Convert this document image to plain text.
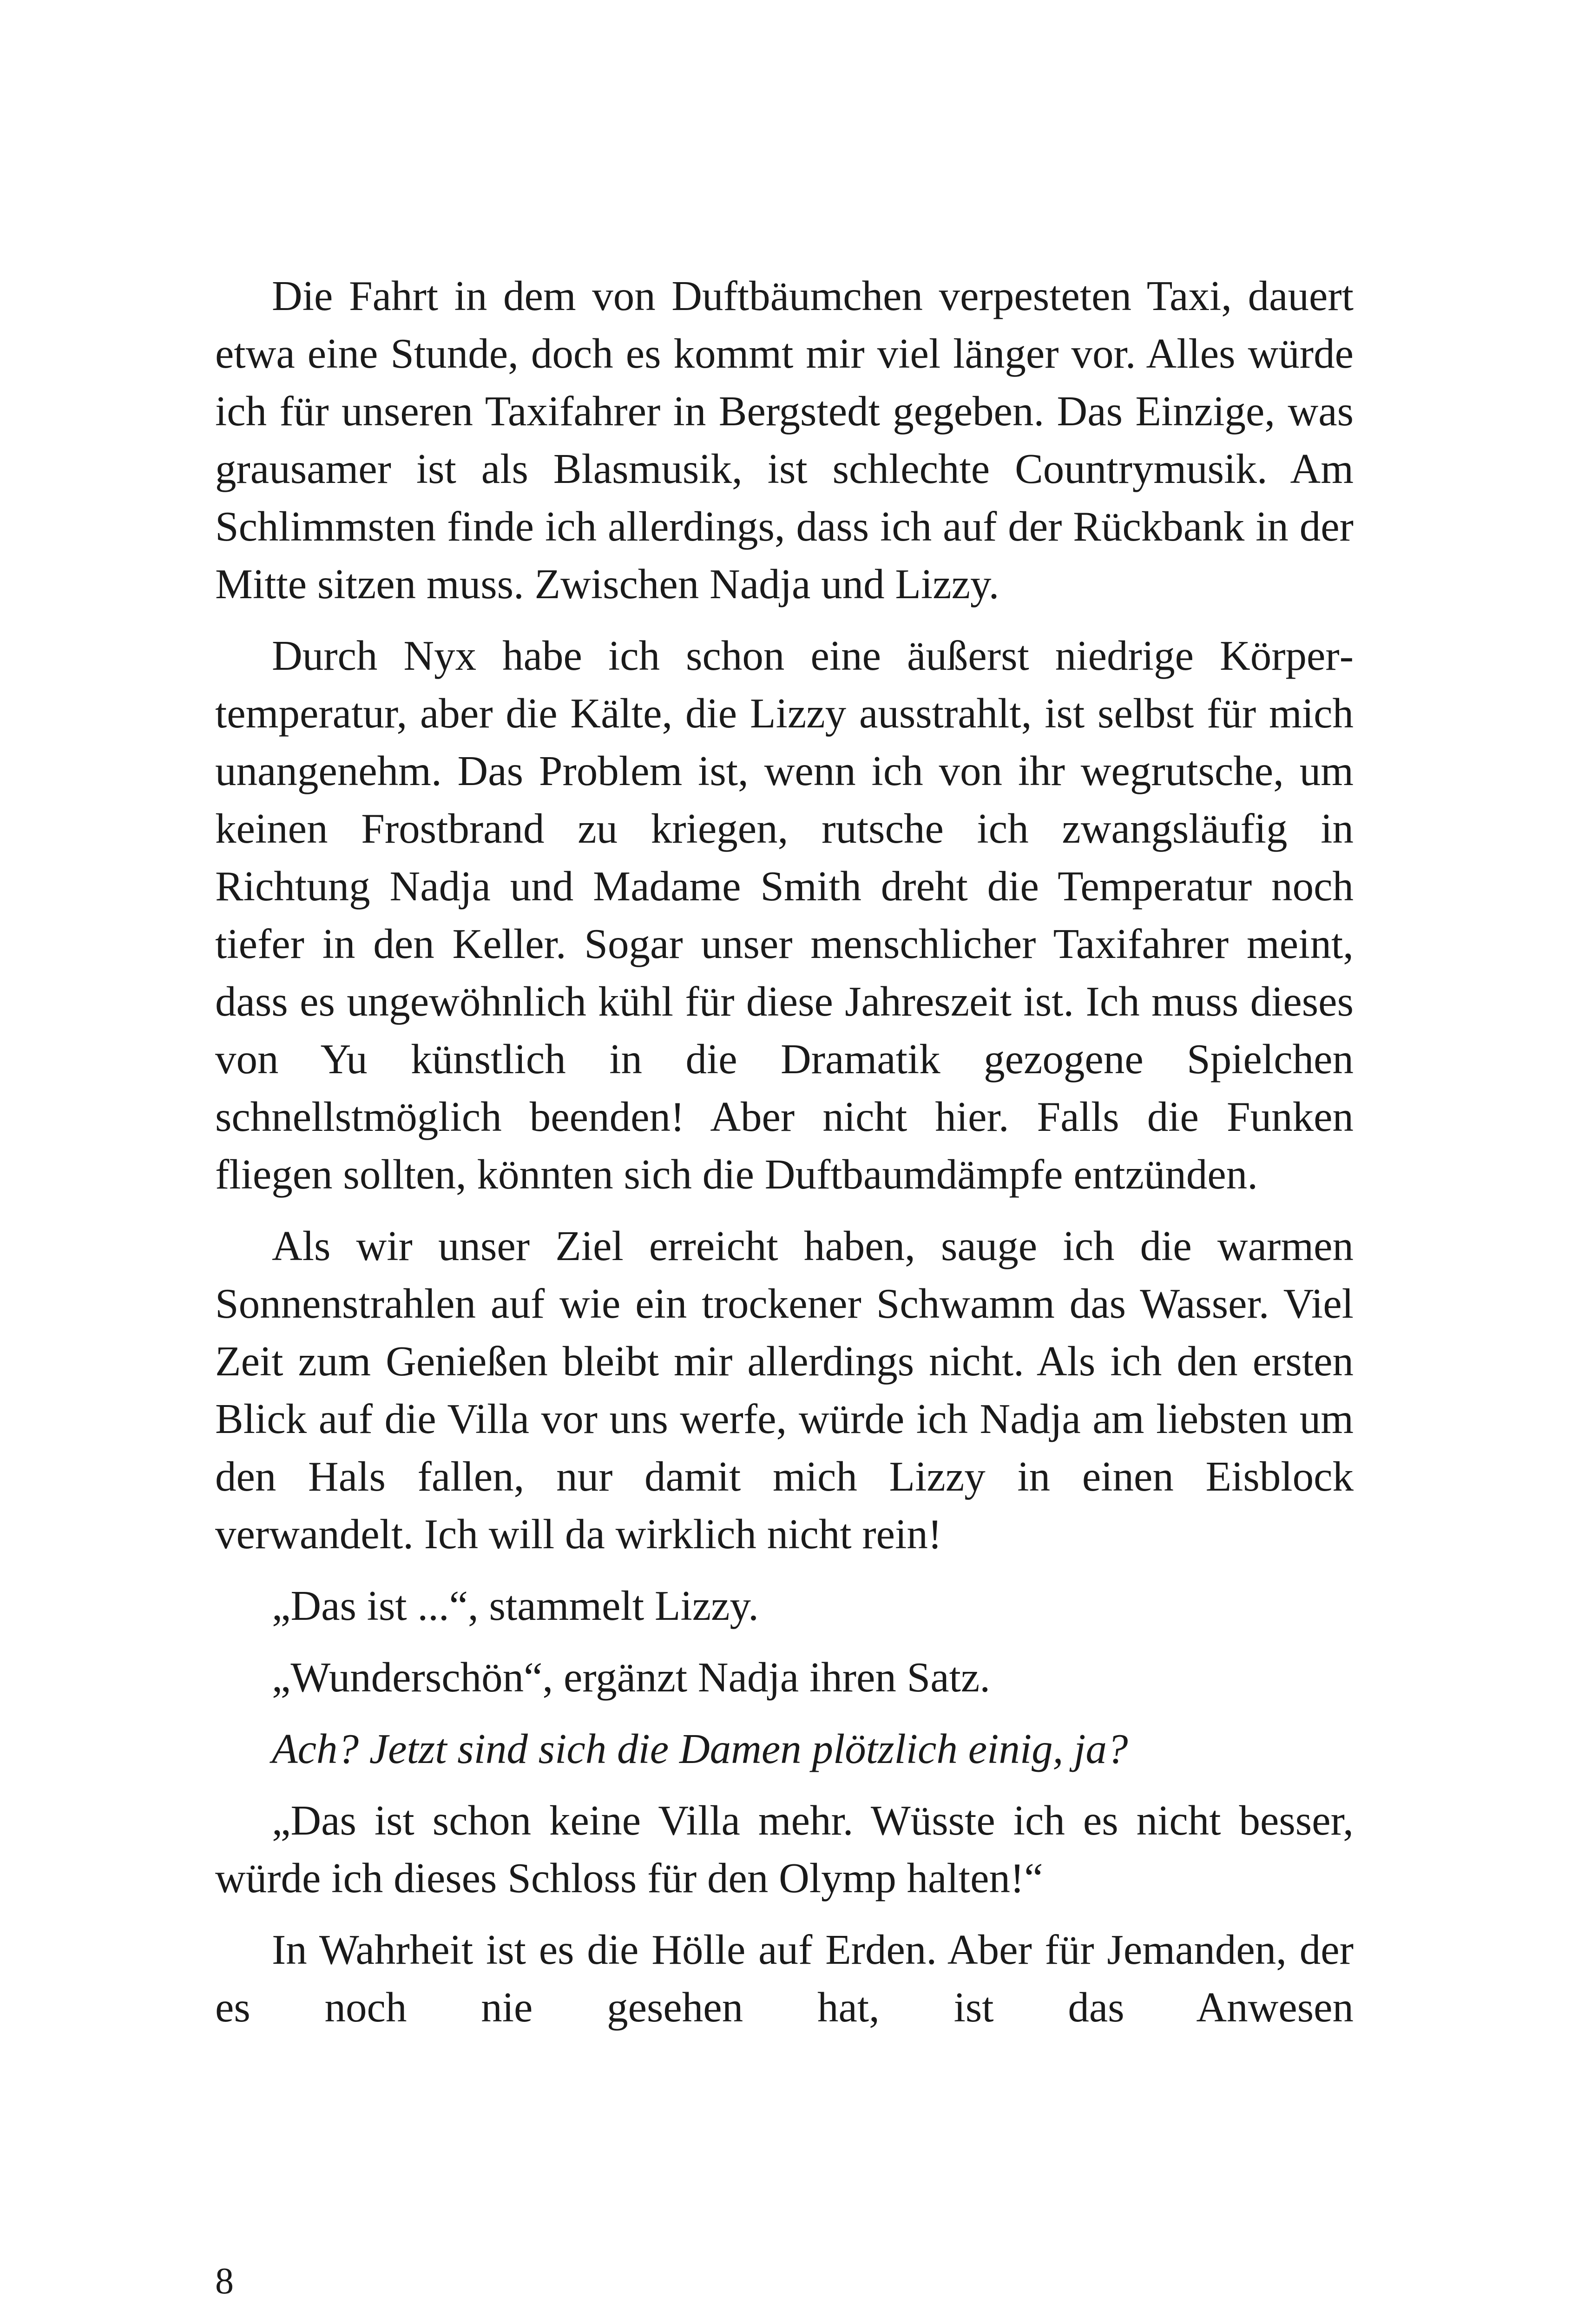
Die Fahrt in dem von Duftbäumchen verpesteten Taxi, dauert etwa eine Stunde, doch es kommt mir viel länger vor. Alles würde ich für unseren Taxifahrer in Bergstedt gegeben. Das Einzige, was grausamer ist als Blasmusik, ist schlechte Countrymusik. Am Schlimmsten finde ich allerdings, dass ich auf der Rückbank in der Mitte sitzen muss. Zwischen Nadja und Lizzy.

Durch Nyx habe ich schon eine äußerst niedrige Körpertemperatur, aber die Kälte, die Lizzy ausstrahlt, ist selbst für mich unangenehm. Das Problem ist, wenn ich von ihr wegrutsche, um keinen Frostbrand zu kriegen, rutsche ich zwangsläufig in Richtung Nadja und Madame Smith dreht die Temperatur noch tiefer in den Keller. Sogar unser menschlicher Taxifahrer meint, dass es ungewöhnlich kühl für diese Jahreszeit ist. Ich muss dieses von Yu künstlich in die Dramatik gezogene Spielchen schnellstmöglich beenden! Aber nicht hier. Falls die Funken fliegen sollten, könnten sich die Duftbaumdämpfe entzünden.

Als wir unser Ziel erreicht haben, sauge ich die warmen Sonnenstrahlen auf wie ein trockener Schwamm das Wasser. Viel Zeit zum Genießen bleibt mir allerdings nicht. Als ich den ersten Blick auf die Villa vor uns werfe, würde ich Nadja am liebsten um den Hals fallen, nur damit mich Lizzy in einen Eisblock verwandelt. Ich will da wirklich nicht rein!

„Das ist ...“, stammelt Lizzy.

„Wunderschön“, ergänzt Nadja ihren Satz.

Ach? Jetzt sind sich die Damen plötzlich einig, ja?

„Das ist schon keine Villa mehr. Wüsste ich es nicht besser, würde ich dieses Schloss für den Olymp halten!“

In Wahrheit ist es die Hölle auf Erden. Aber für Jemanden, der es noch nie gesehen hat, ist das Anwesen

8
